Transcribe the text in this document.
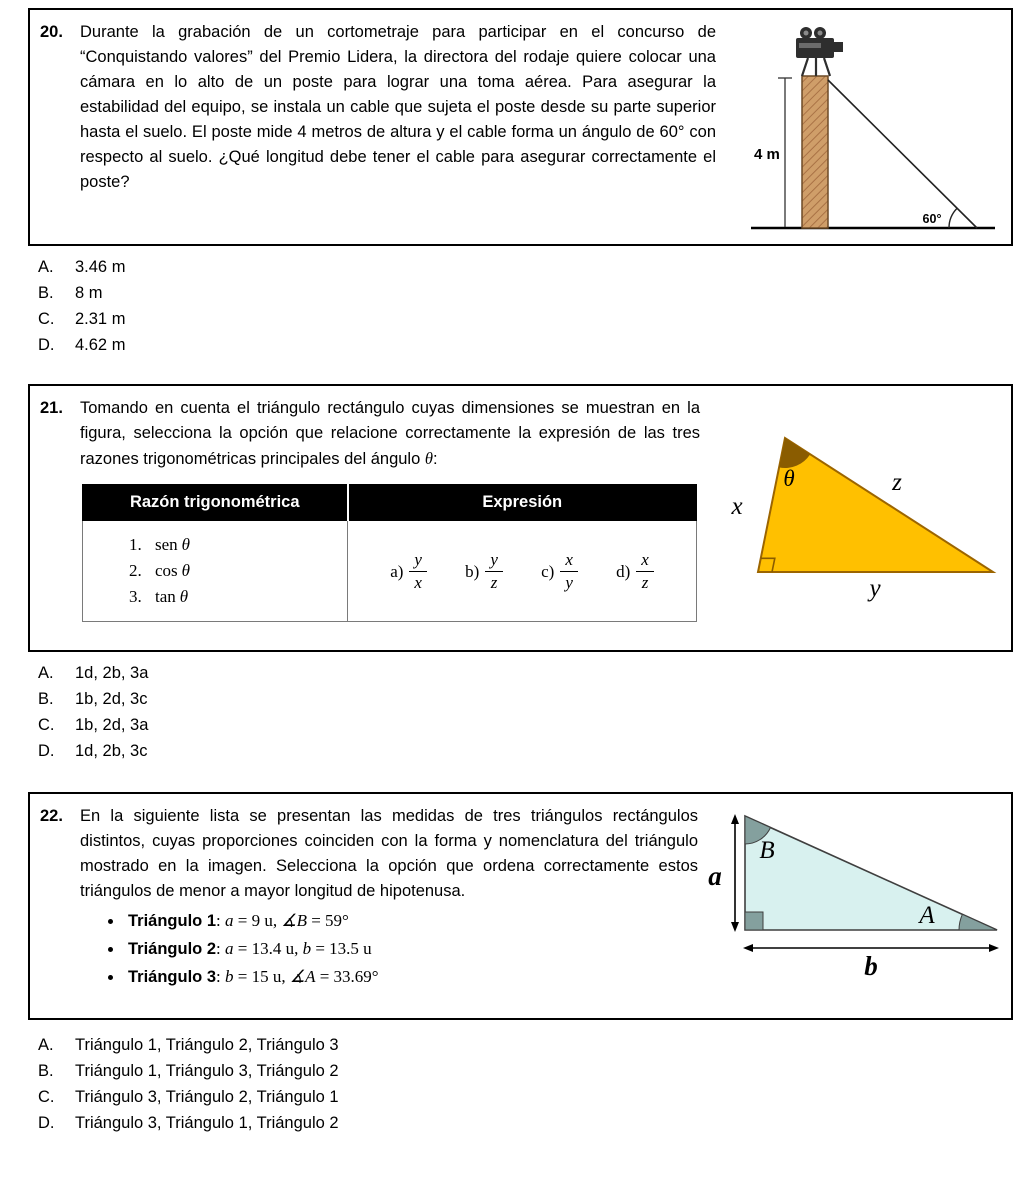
20.	Durante la grabación de un cortometraje para participar en el concurso de “Conquistando valores” del Premio Lidera, la directora del rodaje quiere colocar una cámara en lo alto de un poste para lograr una toma aérea. Para asegurar la estabilidad del equipo, se instala un cable que sujeta el poste desde su parte superior hasta el suelo. El poste mide 4 metros de altura y el cable forma un ángulo de 60° con respecto al suelo. ¿Qué longitud debe tener el cable para asegurar correctamente el poste?
4 m
60°
A.	3.46 m
B.	8 m
C.	2.31 m
D.	4.62 m
21.	Tomando en cuenta el triángulo rectángulo cuyas dimensiones se muestran en la figura, selecciona la opción que relacione correctamente la expresión de las tres razones trigonométricas principales del ángulo θ:
Razón trigonométrica	Expresión

1. sen θ
2. cos θ
3. tan θ

$a) \frac{y}{x} b) \frac{y}{z} c) \frac{x}{y} d) \frac{x}{z}$
θ	z
x
y
A.	1d, 2b, 3a
B.	1b, 2d, 3c
C.	1b, 2d, 3a
D.	1d, 2b, 3c
22.	En la siguiente lista se presentan las medidas de tres triángulos rectángulos distintos, cuyas proporciones coinciden con la forma y nomenclatura del triángulo mostrado en la imagen. Selecciona la opción que ordena correctamente estos triángulos de menor a mayor longitud de hipotenusa.
• Triángulo 1: a = 9 u, ∡B = 59°
• Triángulo 2: a = 13.4 u, b = 13.5 u
• Triángulo 3: b = 15 u, ∡A = 33.69°
B
A
a
b
A.	Triángulo 1, Triángulo 2, Triángulo 3
B.	Triángulo 1, Triángulo 3, Triángulo 2
C.	Triángulo 3, Triángulo 2, Triángulo 1
D.	Triángulo 3, Triángulo 1, Triángulo 2
